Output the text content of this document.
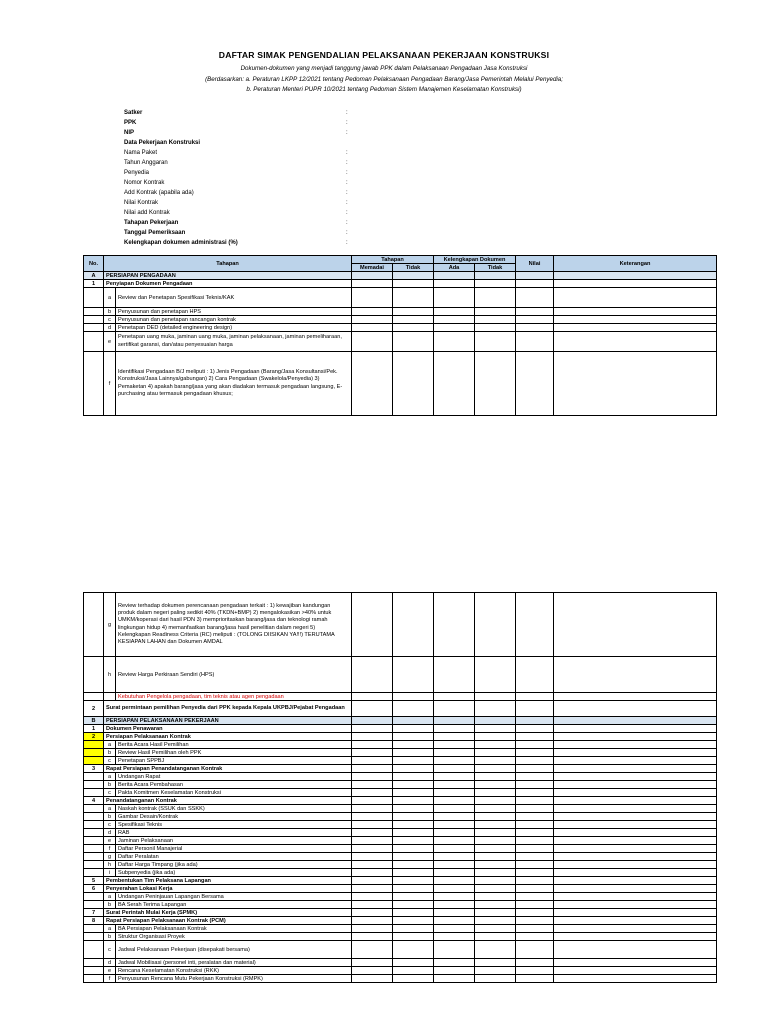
DAFTAR SIMAK PENGENDALIAN PELAKSANAAN PEKERJAAN KONSTRUKSI
Dokumen-dokumen yang menjadi tanggung jawab PPK dalam Pelaksanaan Pengadaan Jasa Konstruksi
(Berdasarkan: a. Peraturan LKPP 12/2021 tentang Pedoman Pelaksanaan Pengadaan Barang/Jasa Pemerintah Melalui Penyedia;
b. Peraturan Menteri PUPR 10/2021 tentang Pedoman Sistem Manajemen Keselamatan Konstruksi)
Satker	:
PPK	:
NIP	:
Data Pekerjaan Konstruksi
Nama Paket	:
Tahun Anggaran	:
Penyedia	:
Nomor Kontrak	:
Add Kontrak (apabila ada)	:
Nilai Kontrak	:
Nilai add Kontrak	:
Tahapan Pekerjaan	:
Tanggal Pemeriksaan	:
Kelengkapan dokumen administrasi (%)	:
No.	Tahapan		Tahapan		Kelengkapan Dokumen		Nilai	Keterangan
			Memadai	Tidak	Ada	Tidak		
A	PERSIAPAN PENGADAAN							
1	Penyiapan Dokumen Pengadaan							
	a	Review dan Penetapan Spesifikasi Teknis/KAK						
	b	Penyusunan dan penetapan HPS						
	c	Penyusunan dan penetapan rancangan kontrak						
	d	Penetapan DED (detailed engineering design)						
	e	Penetapan uang muka, jaminan uang muka, jaminan pelaksanaan, jaminan pemeliharaan, sertifikat garansi, dan/atau penyesuaian harga						
	f	Identifikasi Pengadaan B/J meliputi : 1) Jenis Pengadaan (Barang/Jasa Konsultansi/Pek. Konstruksi/Jasa Lainnya/gabungan) 2) Cara Pengadaan (Swakelola/Penyedia) 3) Pemaketan 4) apakah barang/jasa yang akan diadakan termasuk pengadaan langsung, E-purchasing atau termasuk pengadaan khusus;						
	g	Review terhadap dokumen perencanaan pengadaan terkait : 1) kewajiban kandungan produk dalam negeri paling sedikit 40% (TKDN+BMP) 2) mengalokasikan >40% untuk UMKM/koperasi dari hasil PDN 3) memprioritaskan barang/jasa dan teknologi ramah lingkungan hidup 4) memanfaatkan barang/jasa hasil penelitian dalam negeri 5) Kelengkapan Readiness Criteria (RC) meliputi : (TOLONG DIISIKAN YA!!!) TERUTAMA KESIAPAN LAHAN dan Dokumen AMDAL						
	h	Review Harga Perkiraan Sendiri (HPS)						
		Kebutuhan Pengelola pengadaan, tim teknis atau agen pengadaan						
2	Surat permintaan pemilihan Penyedia dari PPK kepada Kepala UKPBJ/Pejabat Pengadaan							
B	PERSIAPAN PELAKSANAAN PEKERJAAN							
1	Dokumen Penawaran							
2	Persiapan Pelaksanaan Kontrak							
	a	Berita Acara Hasil Pemilihan						
	b	Review Hasil Pemilihan oleh PPK						
	c	Penetapan SPPBJ						
3	Rapat Persiapan Penandatanganan Kontrak							
	a	Undangan Rapat						
	b	Berita Acara Pembahasan						
	c	Pakta Komitmen Keselamatan Konstruksi						
4	Penandatanganan Kontrak							
	a	Naskah kontrak (SSUK dan SSKK)						
	b	Gambar Desain/Kontrak						
	c	Spesifikasi Teknis						
	d	RAB						
	e	Jaminan Pelaksanaan						
	f	Daftar Personil Manajerial						
	g	Daftar Peralatan						
	h	Daftar Harga Timpang (jika ada)						
	i	Subpenyedia (jika ada)						
5	Pembentukan Tim Pelaksana Lapangan							
6	Penyerahan Lokasi Kerja							
	a	Undangan Peninjauan Lapangan Bersama						
	b	BA Serah Terima Lapangan						
7	Surat Perintah Mulai Kerja (SPMK)							
8	Rapat Persiapan Pelaksanaan Kontrak (PCM)							
	a	BA Persiapan Pelaksanaan Kontrak						
	b	Struktur Organisasi Proyek						
	c	Jadwal Pelaksanaan Pekerjaan (disepakati bersama)						
	d	Jadwal Mobilisasi (personel inti, peralatan dan material)						
	e	Rencana Keselamatan Konstruksi (RKK)						
	f	Penyusunan Rencana Mutu Pekerjaan Konstruksi (RMPK)						
